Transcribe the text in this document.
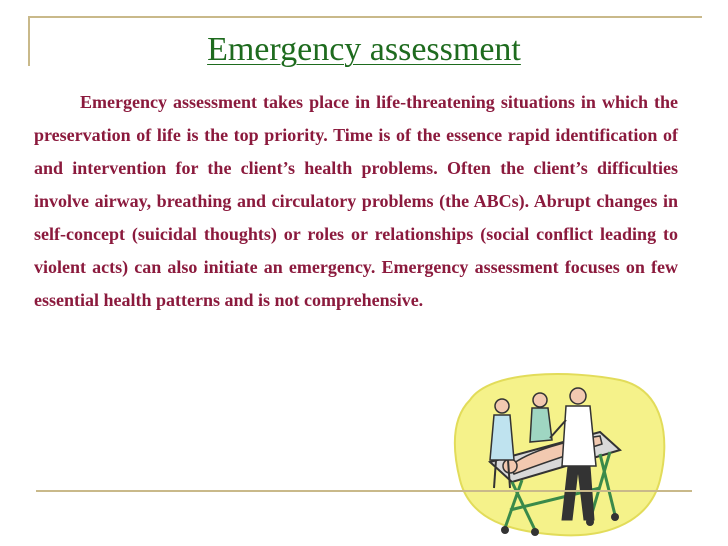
Emergency assessment
Emergency assessment takes place in life-threatening situations in which the preservation of life is the top priority. Time is of the essence rapid identification of and intervention for the client’s health problems. Often the client’s difficulties involve airway, breathing and circulatory problems (the ABCs). Abrupt changes in self-concept (suicidal thoughts) or roles or relationships (social conflict leading to violent acts) can also initiate an emergency. Emergency assessment focuses on few essential health patterns and is not comprehensive.
